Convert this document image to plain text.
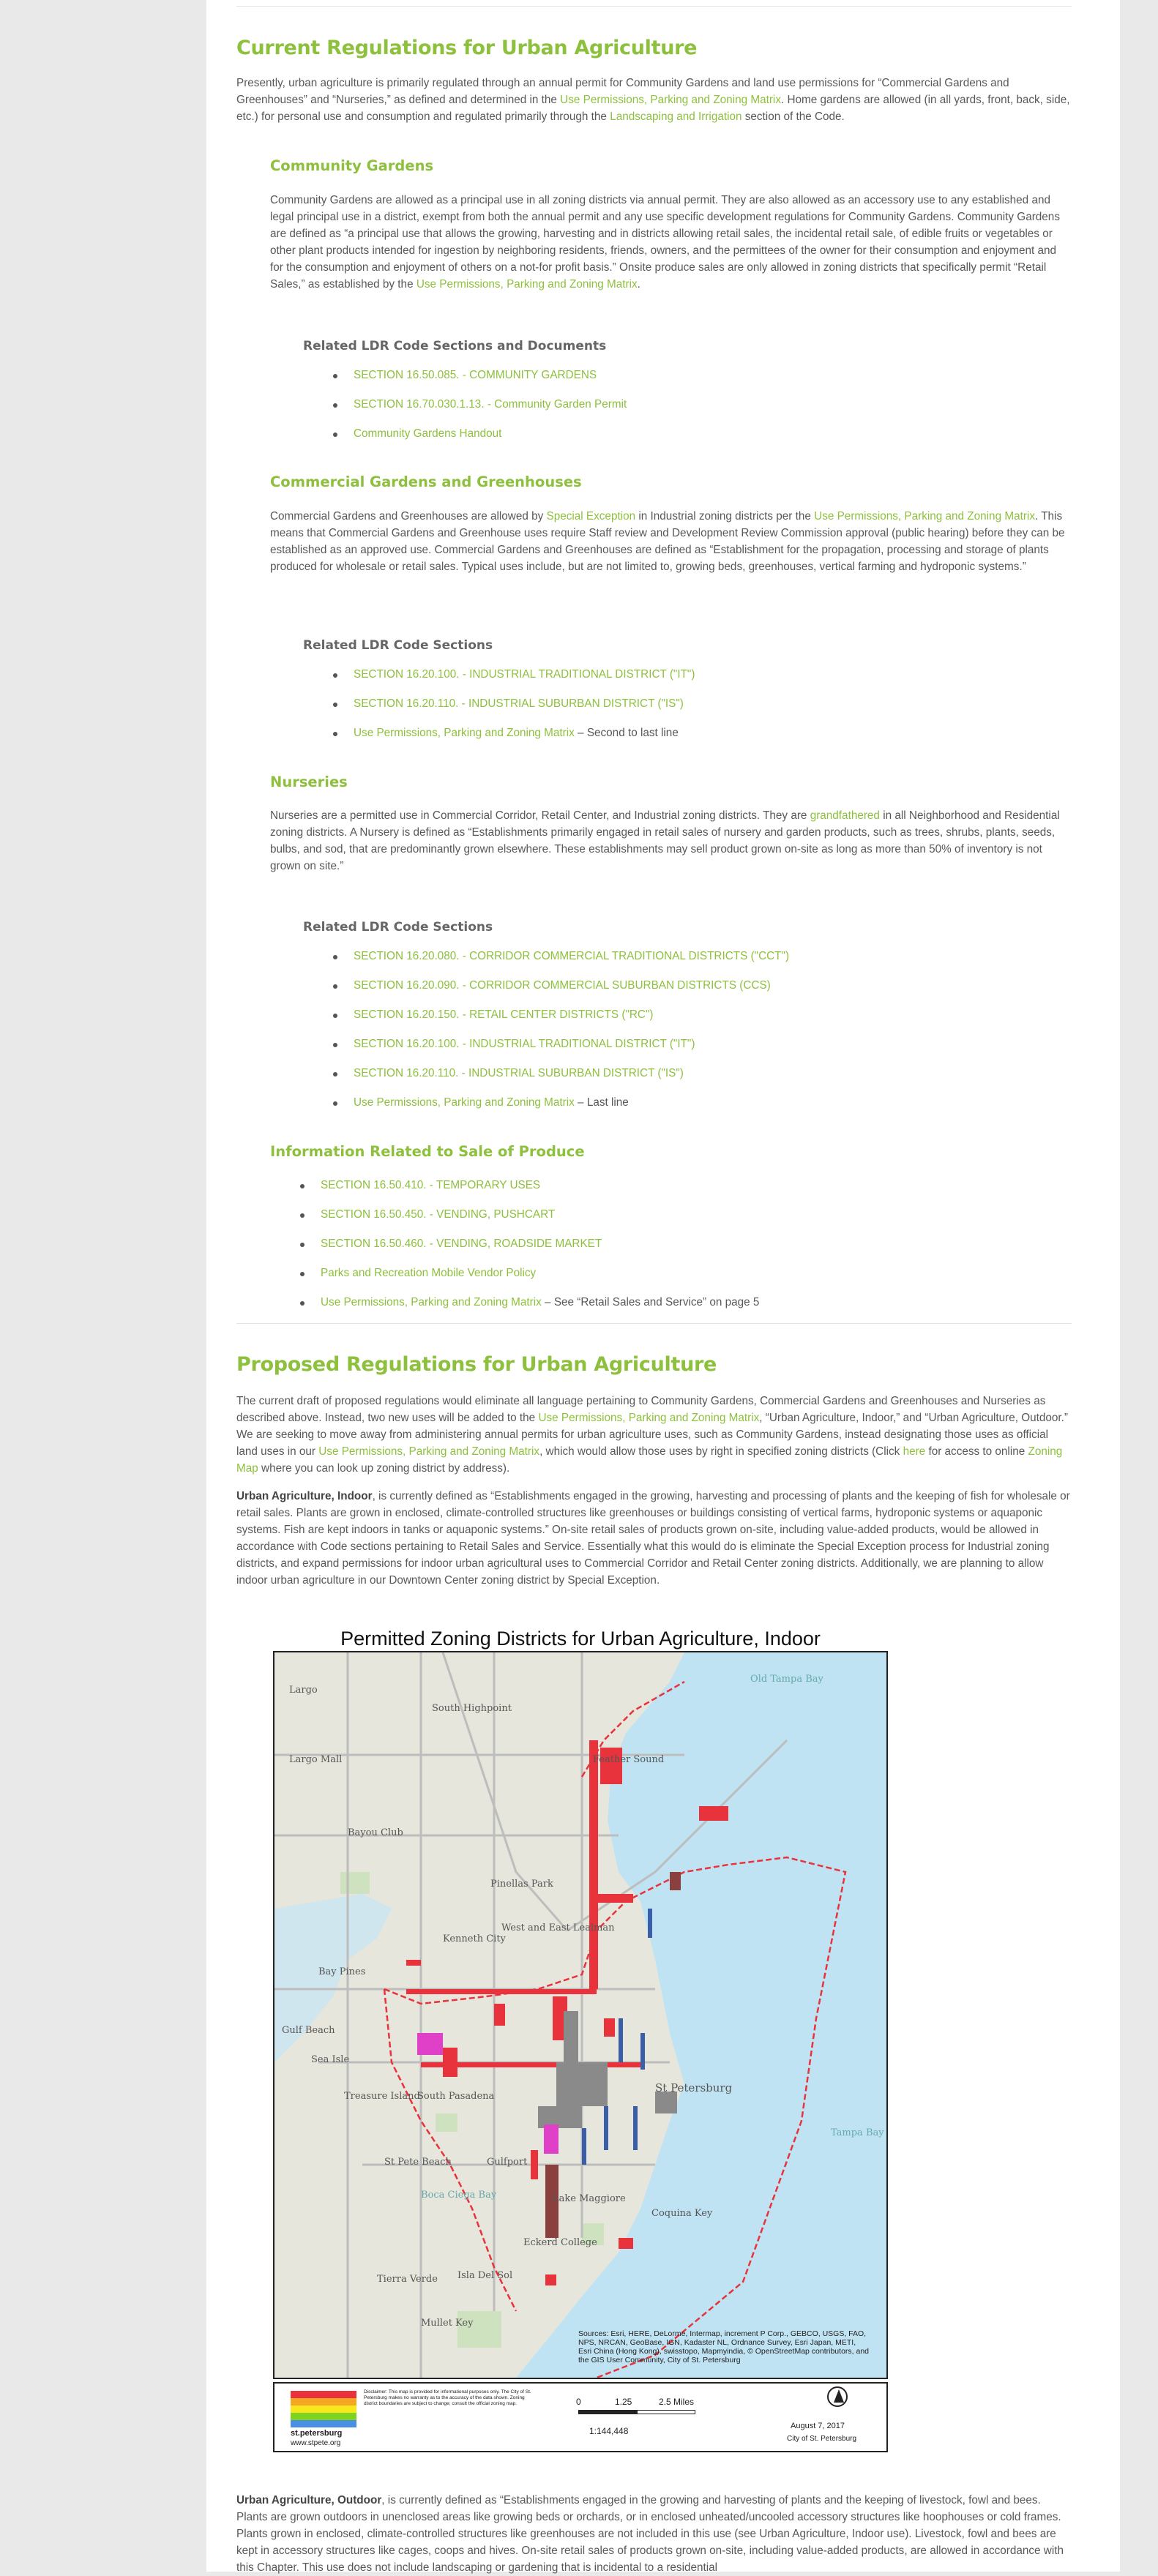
Current Regulations for Urban Agriculture

Presently, urban agriculture is primarily regulated through an annual permit for Community Gardens and land use permissions for “Commercial Gardens and Greenhouses” and “Nurseries,” as defined and determined in the Use Permissions, Parking and Zoning Matrix. Home gardens are allowed (in all yards, front, back, side, etc.) for personal use and consumption and regulated primarily through the Landscaping and Irrigation section of the Code.

Community Gardens

Community Gardens are allowed as a principal use in all zoning districts via annual permit. They are also allowed as an accessory use to any established and legal principal use in a district, exempt from both the annual permit and any use specific development regulations for Community Gardens. Community Gardens are defined as “a principal use that allows the growing, harvesting and in districts allowing retail sales, the incidental retail sale, of edible fruits or vegetables or other plant products intended for ingestion by neighboring residents, friends, owners, and the permittees of the owner for their consumption and enjoyment and for the consumption and enjoyment of others on a not-for profit basis.” Onsite produce sales are only allowed in zoning districts that specifically permit “Retail Sales,” as established by the Use Permissions, Parking and Zoning Matrix.

Related LDR Code Sections and Documents
SECTION 16.50.085. - COMMUNITY GARDENS
SECTION 16.70.030.1.13. - Community Garden Permit
Community Gardens Handout
Commercial Gardens and Greenhouses

Commercial Gardens and Greenhouses are allowed by Special Exception in Industrial zoning districts per the Use Permissions, Parking and Zoning Matrix. This means that Commercial Gardens and Greenhouse uses require Staff review and Development Review Commission approval (public hearing) before they can be established as an approved use. Commercial Gardens and Greenhouses are defined as “Establishment for the propagation, processing and storage of plants produced for wholesale or retail sales. Typical uses include, but are not limited to, growing beds, greenhouses, vertical farming and hydroponic systems.”

Related LDR Code Sections
SECTION 16.20.100. - INDUSTRIAL TRADITIONAL DISTRICT ("IT")
SECTION 16.20.110. - INDUSTRIAL SUBURBAN DISTRICT ("IS")
Use Permissions, Parking and Zoning Matrix – Second to last line
Nurseries

Nurseries are a permitted use in Commercial Corridor, Retail Center, and Industrial zoning districts. They are grandfathered in all Neighborhood and Residential zoning districts. A Nursery is defined as “Establishments primarily engaged in retail sales of nursery and garden products, such as trees, shrubs, plants, seeds, bulbs, and sod, that are predominantly grown elsewhere. These establishments may sell product grown on-site as long as more than 50% of inventory is not grown on site.”

Related LDR Code Sections
SECTION 16.20.080. - CORRIDOR COMMERCIAL TRADITIONAL DISTRICTS ("CCT")
SECTION 16.20.090. - CORRIDOR COMMERCIAL SUBURBAN DISTRICTS (CCS)
SECTION 16.20.150. - RETAIL CENTER DISTRICTS ("RC")
SECTION 16.20.100. - INDUSTRIAL TRADITIONAL DISTRICT ("IT")
SECTION 16.20.110. - INDUSTRIAL SUBURBAN DISTRICT ("IS")
Use Permissions, Parking and Zoning Matrix – Last line
Information Related to Sale of Produce
SECTION 16.50.410. - TEMPORARY USES
SECTION 16.50.450. - VENDING, PUSHCART
SECTION 16.50.460. - VENDING, ROADSIDE MARKET
Parks and Recreation Mobile Vendor Policy
Use Permissions, Parking and Zoning Matrix – See “Retail Sales and Service” on page 5
Proposed Regulations for Urban Agriculture

The current draft of proposed regulations would eliminate all language pertaining to Community Gardens, Commercial Gardens and Greenhouses and Nurseries as described above. Instead, two new uses will be added to the Use Permissions, Parking and Zoning Matrix, “Urban Agriculture, Indoor,” and “Urban Agriculture, Outdoor.” We are seeking to move away from administering annual permits for urban agriculture uses, such as Community Gardens, instead designating those uses as official land uses in our Use Permissions, Parking and Zoning Matrix, which would allow those uses by right in specified zoning districts (Click here for access to online Zoning Map where you can look up zoning district by address).

Urban Agriculture, Indoor, is currently defined as “Establishments engaged in the growing, harvesting and processing of plants and the keeping of fish for wholesale or retail sales. Plants are grown in enclosed, climate-controlled structures like greenhouses or buildings consisting of vertical farms, hydroponic systems or aquaponic systems. Fish are kept indoors in tanks or aquaponic systems.” On-site retail sales of products grown on-site, including value-added products, would be allowed in accordance with Code sections pertaining to Retail Sales and Service. Essentially what this would do is eliminate the Special Exception process for Industrial zoning districts, and expand permissions for indoor urban agricultural uses to Commercial Corridor and Retail Center zoning districts. Additionally, we are planning to allow indoor urban agriculture in our Downtown Center zoning district by Special Exception.

Permitted Zoning Districts for Urban Agriculture, Indoor
Largo
South Highpoint
Pinellas Park
West and East Lealman
Kenneth City
Bay Pines
Treasure Island
South Pasadena
St Pete Beach	Gulfport
St Petersburg
Feather Sound
Old Tampa Bay
Tampa Bay
Boca Ciega Bay
Coquina Key
Mullet Key
Isla Del Sol
Tierra Verde
Eckerd College
Bayou Club
Largo Mall
Lake Maggiore
Gulf Beach
Sea Isle
Sources: Esri, HERE, DeLorme, Intermap, increment P Corp., GEBCO, USGS, FAO, NPS, NRCAN, GeoBase, IGN, Kadaster NL, Ordnance Survey, Esri Japan, METI, Esri China (Hong Kong), swisstopo, Mapmyindia, © OpenStreetMap contributors, and the GIS User Community, City of St. Petersburg
st.petersburg
www.stpete.org
Disclaimer: This map is provided for informational purposes only. The City of St. Petersburg makes no warranty as to the accuracy of the data shown. Zoning district boundaries are subject to change; consult the official zoning map.	0	1.25	2.5 Miles
1:144,448	August 7, 2017
City of St. Petersburg

Urban Agriculture, Outdoor, is currently defined as “Establishments engaged in the growing and harvesting of plants and the keeping of livestock, fowl and bees. Plants are grown outdoors in unenclosed areas like growing beds or orchards, or in enclosed unheated/uncooled accessory structures like hoophouses or cold frames. Plants grown in enclosed, climate-controlled structures like greenhouses are not included in this use (see Urban Agriculture, Indoor use). Livestock, fowl and bees are kept in accessory structures like cages, coops and hives. On-site retail sales of products grown on-site, including value-added products, are allowed in accordance with this Chapter. This use does not include landscaping or gardening that is incidental to a residential
